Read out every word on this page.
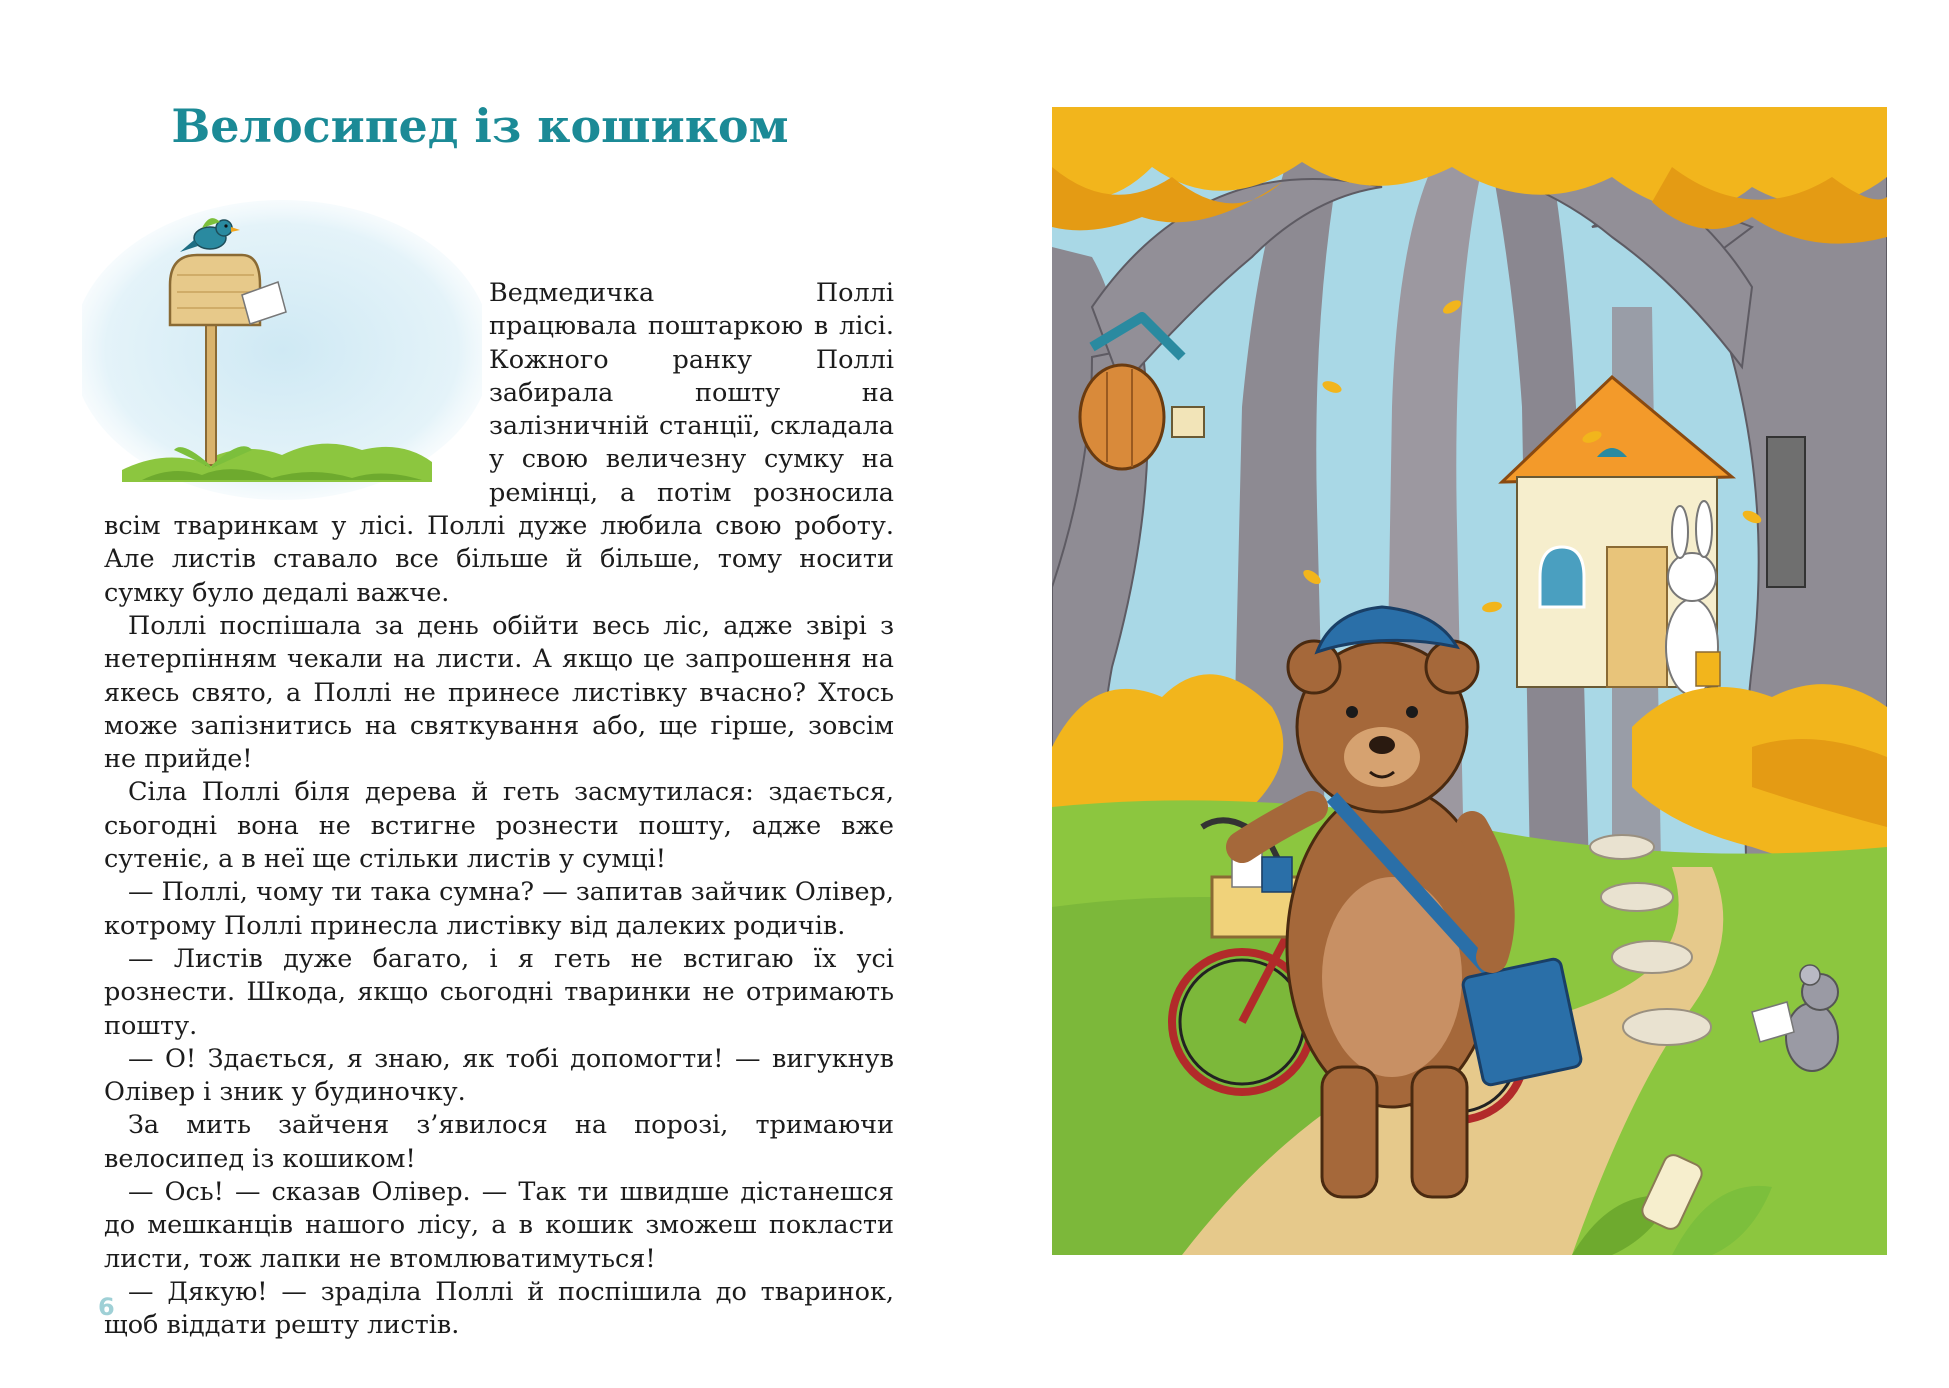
Велосипед із кошиком

Ведмедичка Поллі працювала поштаркою в лісі. Кожного ранку Поллі забирала пошту на залізничній станції, складала у свою величезну сумку на ремінці, а потім розносила всім тваринкам у лісі. Поллі дуже любила свою роботу. Але листів ставало все більше й більше, тому носити сумку було дедалі важче.

Поллі поспішала за день обійти весь ліс, адже звірі з нетерпінням чекали на листи. А якщо це запрошення на якесь свято, а Поллі не принесе листівку вчасно? Хтось може запізнитись на святкування або, ще гірше, зовсім не прийде!

Сіла Поллі біля дерева й геть засмутилася: здається, сьогодні вона не встигне рознести пошту, адже вже сутеніє, а в неї ще стільки листів у сумці!

— Поллі, чому ти така сумна? — запитав зайчик Олівер, котрому Поллі принесла листівку від далеких родичів.

— Листів дуже багато, і я геть не встигаю їх усі рознести. Шкода, якщо сьогодні тваринки не отримають пошту.

— О! Здається, я знаю, як тобі допомогти! — вигукнув Олівер і зник у будиночку.

За мить зайченя з’явилося на порозі, тримаючи велосипед із кошиком!

— Ось! — сказав Олівер. — Так ти швидше дістанешся до мешканців нашого лісу, а в кошик зможеш покласти листи, тож лапки не втомлюватимуться!

— Дякую! — зраділа Поллі й поспішила до тваринок, щоб віддати решту листів.

6
